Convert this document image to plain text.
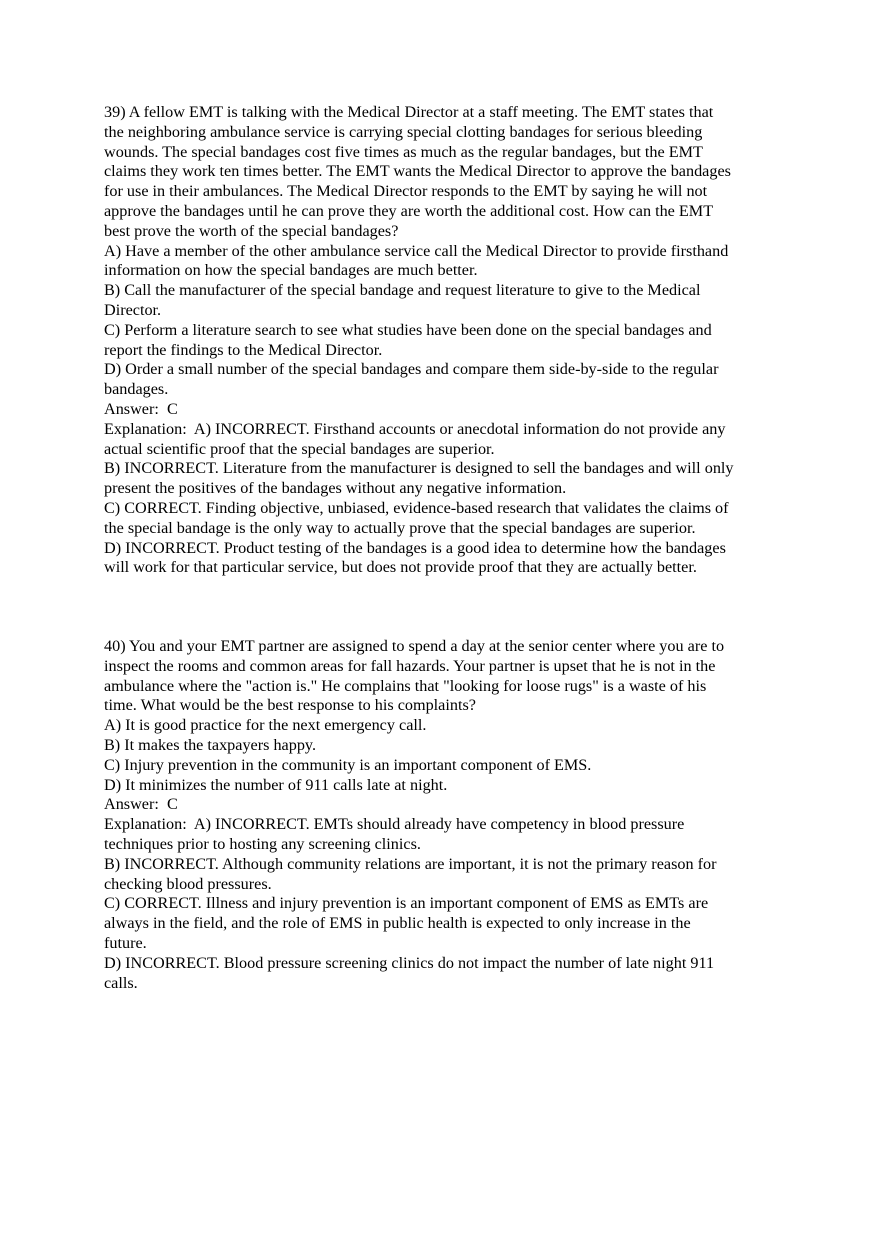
39) A fellow EMT is talking with the Medical Director at a staff meeting. The EMT states that
the neighboring ambulance service is carrying special clotting bandages for serious bleeding
wounds. The special bandages cost five times as much as the regular bandages, but the EMT
claims they work ten times better. The EMT wants the Medical Director to approve the bandages
for use in their ambulances. The Medical Director responds to the EMT by saying he will not
approve the bandages until he can prove they are worth the additional cost. How can the EMT
best prove the worth of the special bandages?
A) Have a member of the other ambulance service call the Medical Director to provide firsthand
information on how the special bandages are much better.
B) Call the manufacturer of the special bandage and request literature to give to the Medical
Director.
C) Perform a literature search to see what studies have been done on the special bandages and
report the findings to the Medical Director.
D) Order a small number of the special bandages and compare them side-by-side to the regular
bandages.
Answer:  C
Explanation:  A) INCORRECT. Firsthand accounts or anecdotal information do not provide any
actual scientific proof that the special bandages are superior.
B) INCORRECT. Literature from the manufacturer is designed to sell the bandages and will only
present the positives of the bandages without any negative information.
C) CORRECT. Finding objective, unbiased, evidence-based research that validates the claims of
the special bandage is the only way to actually prove that the special bandages are superior.
D) INCORRECT. Product testing of the bandages is a good idea to determine how the bandages
will work for that particular service, but does not provide proof that they are actually better.
40) You and your EMT partner are assigned to spend a day at the senior center where you are to
inspect the rooms and common areas for fall hazards. Your partner is upset that he is not in the
ambulance where the "action is." He complains that "looking for loose rugs" is a waste of his
time. What would be the best response to his complaints?
A) It is good practice for the next emergency call.
B) It makes the taxpayers happy.
C) Injury prevention in the community is an important component of EMS.
D) It minimizes the number of 911 calls late at night.
Answer:  C
Explanation:  A) INCORRECT. EMTs should already have competency in blood pressure
techniques prior to hosting any screening clinics.
B) INCORRECT. Although community relations are important, it is not the primary reason for
checking blood pressures.
C) CORRECT. Illness and injury prevention is an important component of EMS as EMTs are
always in the field, and the role of EMS in public health is expected to only increase in the
future.
D) INCORRECT. Blood pressure screening clinics do not impact the number of late night 911
calls.
